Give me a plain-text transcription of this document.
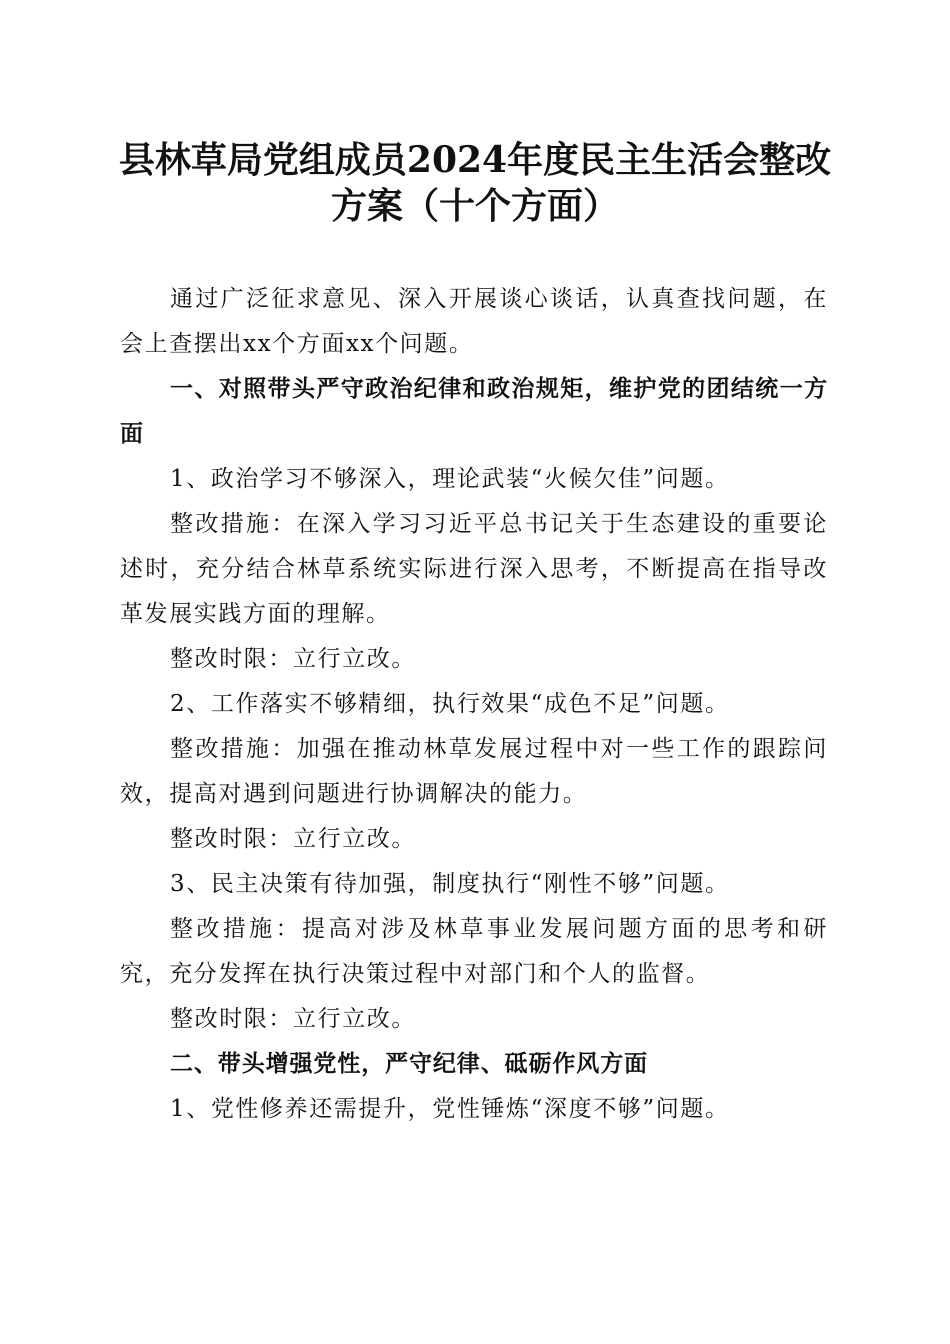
县林草局党组成员2024年度民主生活会整改
方案（十个方面）

通过广泛征求意见、深入开展谈心谈话，认真查找问题，在会上查摆出xx个方面xx个问题。

一、对照带头严守政治纪律和政治规矩，维护党的团结统一方面

1、政治学习不够深入，理论武装“火候欠佳”问题。

整改措施：在深入学习习近平总书记关于生态建设的重要论述时，充分结合林草系统实际进行深入思考，不断提高在指导改革发展实践方面的理解。

整改时限：立行立改。

2、工作落实不够精细，执行效果“成色不足”问题。

整改措施：加强在推动林草发展过程中对一些工作的跟踪问效，提高对遇到问题进行协调解决的能力。

整改时限：立行立改。

3、民主决策有待加强，制度执行“刚性不够”问题。

整改措施：提高对涉及林草事业发展问题方面的思考和研究，充分发挥在执行决策过程中对部门和个人的监督。

整改时限：立行立改。

二、带头增强党性，严守纪律、砥砺作风方面

1、党性修养还需提升，党性锤炼“深度不够”问题。
